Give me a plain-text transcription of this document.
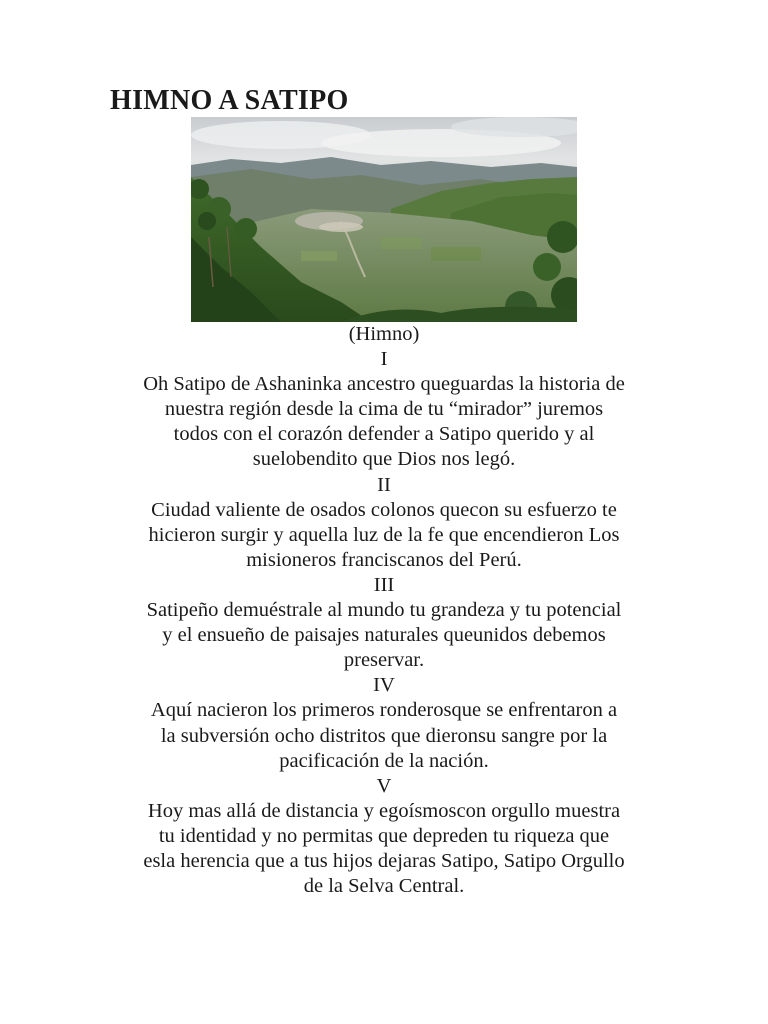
HIMNO A SATIPO

(Himno)

I

Oh Satipo de Ashaninka ancestro queguardas la historia de

nuestra región desde la cima de tu “mirador” juremos

todos con el corazón defender a Satipo querido y al

suelobendito que Dios nos legó.

II

Ciudad valiente de osados colonos quecon su esfuerzo te

hicieron surgir y aquella luz de la fe que encendieron Los

misioneros franciscanos del Perú.

III

Satipeño demuéstrale al mundo tu grandeza y tu potencial

y el ensueño de paisajes naturales queunidos debemos

preservar.

IV

Aquí nacieron los primeros ronderosque se enfrentaron a

la subversión ocho distritos que dieronsu sangre por la

pacificación de la nación.

V

Hoy mas allá de distancia y egoísmoscon orgullo muestra

tu identidad y no permitas que depreden tu riqueza que

esla herencia que a tus hijos dejaras Satipo, Satipo Orgullo

de la Selva Central.
